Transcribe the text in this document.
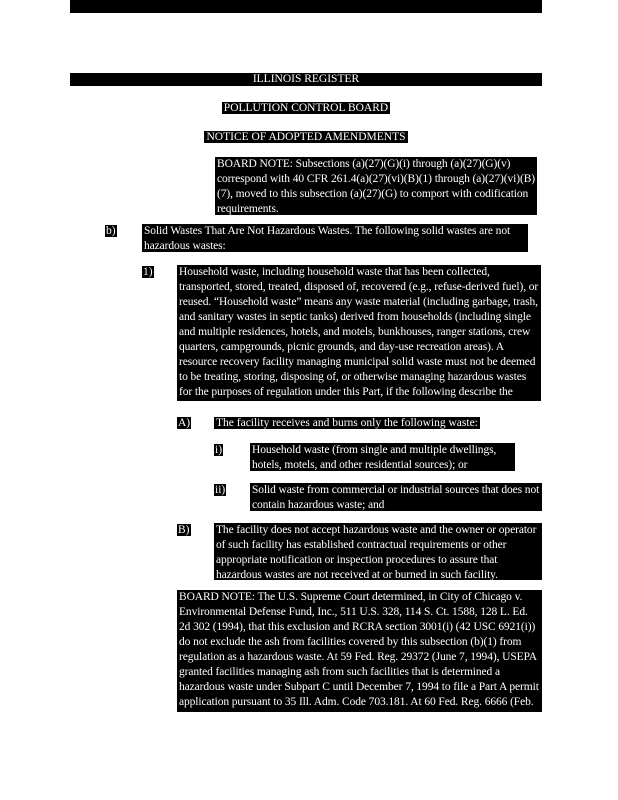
ILLINOIS REGISTER
POLLUTION CONTROL BOARD
NOTICE OF ADOPTED AMENDMENTS
BOARD NOTE: Subsections (a)(27)(G)(i) through (a)(27)(G)(v) correspond with 40 CFR 261.4(a)(27)(vi)(B)(1) through (a)(27)(vi)(B)(7), moved to this subsection (a)(27)(G) to comport with codification requirements.
b) Solid Wastes That Are Not Hazardous Wastes. The following solid wastes are not hazardous wastes:
1) Household waste, including household waste that has been collected, transported, stored, treated, disposed of, recovered (e.g., refuse-derived fuel), or reused. “Household waste” means any waste material (including garbage, trash, and sanitary wastes in septic tanks) derived from households (including single and multiple residences, hotels, and motels, bunkhouses, ranger stations, crew quarters, campgrounds, picnic grounds, and day-use recreation areas). A resource recovery facility managing municipal solid waste must not be deemed to be treating, storing, disposing of, or otherwise managing hazardous wastes for the purposes of regulation under this Part, if the following describe the facility:
A) The facility receives and burns only the following waste:
i)	Household waste (from single and multiple dwellings, hotels, motels, and other residential sources); or
ii) Solid waste from commercial or industrial sources that does not contain hazardous waste; and
B) The facility does not accept hazardous waste and the owner or operator of such facility has established contractual requirements or other appropriate notification or inspection procedures to assure that hazardous wastes are not received at or burned in such facility.
BOARD NOTE: The U.S. Supreme Court determined, in City of Chicago v. Environmental Defense Fund, Inc., 511 U.S. 328, 114 S. Ct. 1588, 128 L. Ed. 2d 302 (1994), that this exclusion and RCRA section 3001(i) (42 USC 6921(i)) do not exclude the ash from facilities covered by this subsection (b)(1) from regulation as a hazardous waste. At 59 Fed. Reg. 29372 (June 7, 1994), USEPA granted facilities managing ash from such facilities that is determined a hazardous waste under Subpart C until December 7, 1994 to file a Part A permit application pursuant to 35 Ill. Adm. Code 703.181. At 60 Fed. Reg. 6666 (Feb. 3, 1995), USEPA stated
